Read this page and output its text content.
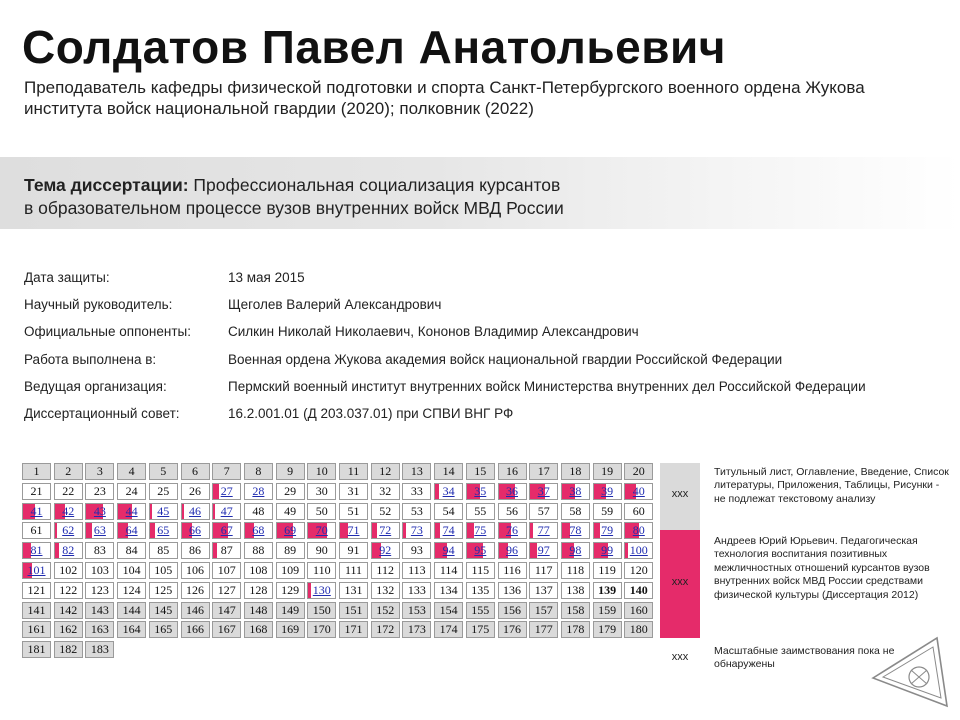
Солдатов Павел Анатольевич
Преподаватель кафедры физической подготовки и спорта Санкт-Петербургского военного ордена Жукова института войск национальной гвардии (2020); полковник (2022)
Тема диссертации: Профессиональная социализация курсантов
в образовательном процессе вузов внутренних войск МВД России
Дата защиты:	13 мая 2015
Научный руководитель:	Щеголев Валерий Александрович
Официальные оппоненты:	Силкин Николай Николаевич, Кононов Владимир Александрович
Работа выполнена в:	Военная ордена Жукова академия войск национальной гвардии Российской Федерации
Ведущая организация:	Пермский военный институт внутренних войск Министерства внутренних дел Российской Федерации
Диссертационный совет:	16.2.001.01 (Д 203.037.01) при СПВИ ВНГ РФ
1	2	3	4	5	6	7	8	9	10	11	12	13	14	15	16	17	18	19	20
21	22	23	24	25	26	27	28	29	30	31	32	33	34	35	36	37	38	39	40
41	42	43	44	45	46	47	48	49	50	51	52	53	54	55	56	57	58	59	60
61	62	63	64	65	66	67	68	69	70	71	72	73	74	75	76	77	78	79	80
81	82	83	84	85	86	87	88	89	90	91	92	93	94	95	96	97	98	99	100
101	102	103	104	105	106	107	108	109	110	111	112	113	114	115	116	117	118	119	120
121	122	123	124	125	126	127	128	129	130	131	132	133	134	135	136	137	138	139	140
141	142	143	144	145	146	147	148	149	150	151	152	153	154	155	156	157	158	159	160
161	162	163	164	165	166	167	168	169	170	171	172	173	174	175	176	177	178	179	180
181	182	183
xxx
Титульный лист, Оглавление, Введение, Список литературы, Приложения, Таблицы, Рисунки - не подлежат текстовому анализу
xxx
Андреев Юрий Юрьевич. Педагогическая технология воспитания позитивных межличностных отношений курсантов вузов внутренних войск МВД России средствами физической культуры (Диссертация 2012)
xxx	Масштабные заимствования пока не обнаружены
